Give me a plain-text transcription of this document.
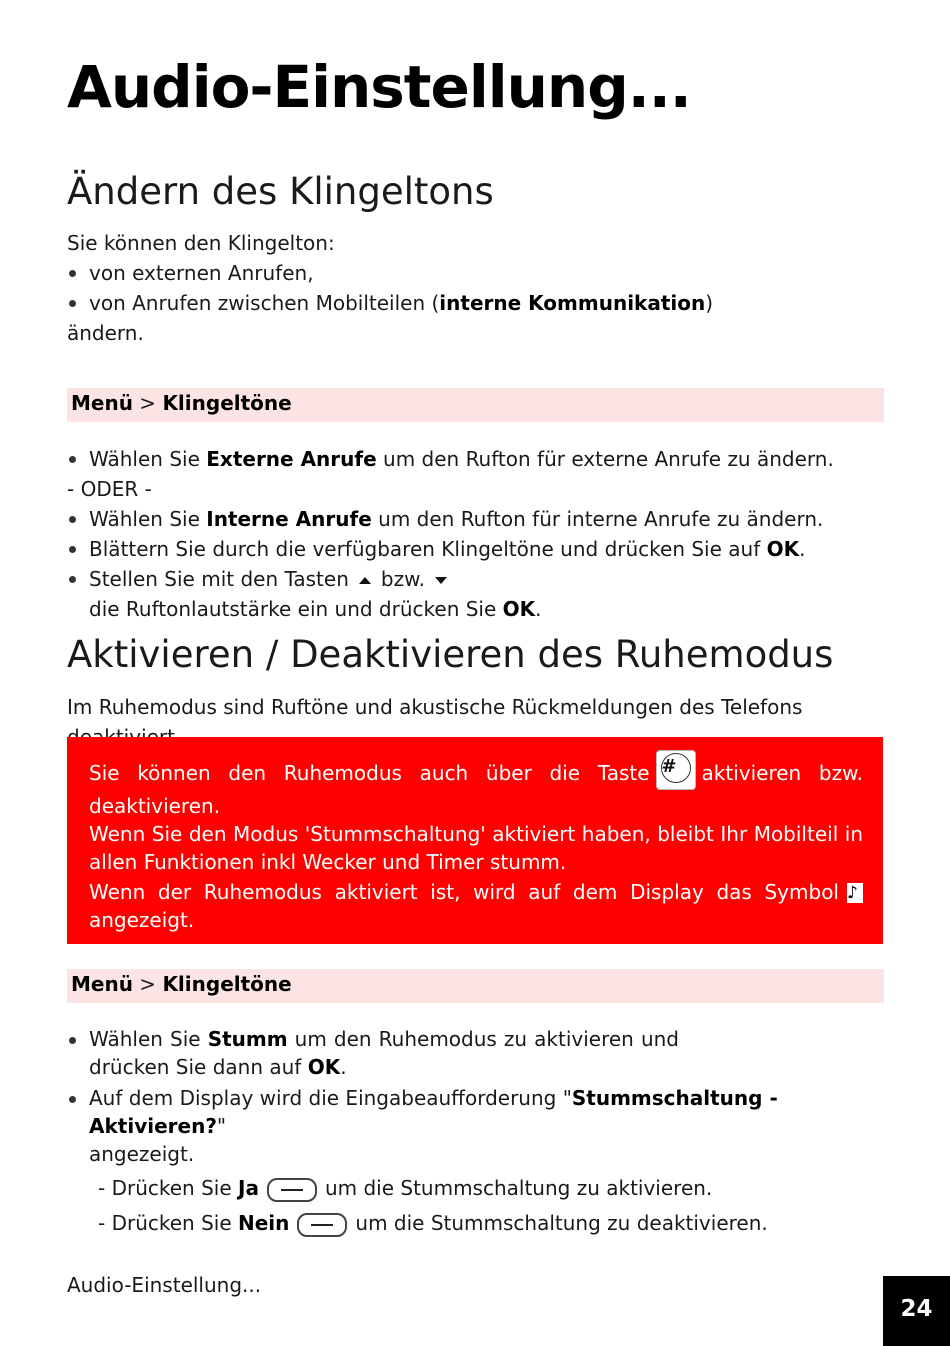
Audio-Einstellung...
Ändern des Klingeltons
Sie können den Klingelton:
von externen Anrufen,
von Anrufen zwischen Mobilteilen (interne Kommunikation)
ändern.
Menü > Klingeltöne
Wählen Sie Externe Anrufe um den Rufton für externe Anrufe zu ändern.
- ODER -
Wählen Sie Interne Anrufe um den Rufton für interne Anrufe zu ändern.
Blättern Sie durch die verfügbaren Klingeltöne und drücken Sie auf OK.
Stellen Sie mit den Tasten bzw.die Ruftonlautstärke ein und drücken Sie OK.
Aktivieren / Deaktivieren des Ruhemodus
Im Ruhemodus sind Ruftöne und akustische Rückmeldungen des Telefons

Sie können den Ruhemodus auch über die Taste #	aktivieren bzw.

deaktivieren.

Wenn Sie den Modus 'Stummschaltung' aktiviert haben, bleibt Ihr Mobilteil in allen Funktionen inkl Wecker und Timer stumm.

Wenn der Ruhemodus aktiviert ist, wird auf dem Display das Symbol ♪

angezeigt.

Menü > Klingeltöne
Wählen Sie Stumm um den Ruhemodus zu aktivieren und
drücken Sie dann auf OK.
Auf dem Display wird die Eingabeaufforderung "Stummschaltung - Aktivieren?"
angezeigt.
- Drücken Sie Ja	um die Stummschaltung zu aktivieren.
- Drücken Sie Nein	um die Stummschaltung zu deaktivieren.
Audio-Einstellung...
24
